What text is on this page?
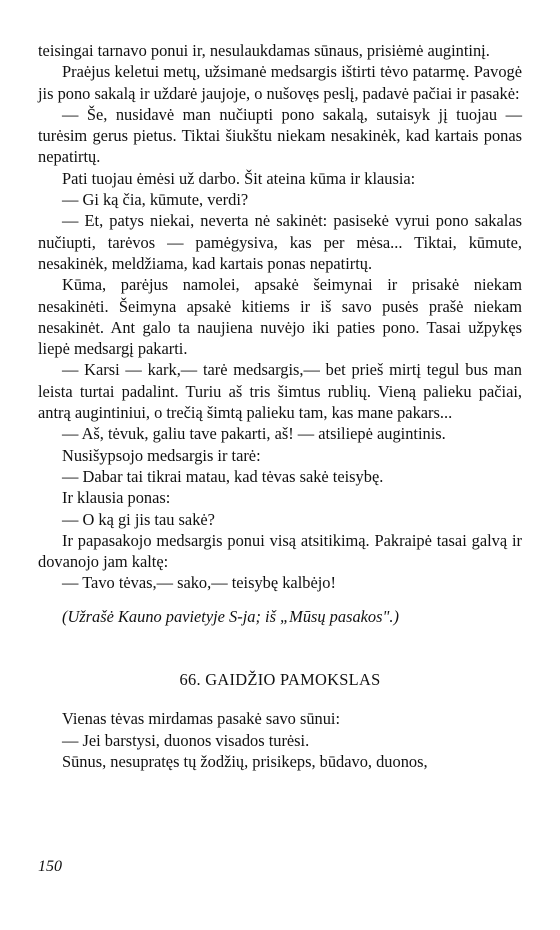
teisingai tarnavo ponui ir, nesulaukdamas sūnaus, prisiėmė augintinį.

Praėjus keletui metų, užsimanė medsargis ištirti tėvo patarmę. Pavogė jis pono sakalą ir uždarė jaujoje, o nušovęs peslį, padavė pačiai ir pasakė:

— Še, nusidavė man nučiupti pono sakalą, sutaisyk jį tuojau — turėsim gerus pietus. Tiktai šiukštu niekam nesakinėk, kad kartais ponas nepatirtų.

Pati tuojau ėmėsi už darbo. Šit ateina kūma ir klausia:

— Gi ką čia, kūmute, verdi?

— Et, patys niekai, neverta nė sakinėt: pasisekė vyrui pono sakalas nučiupti, tarėvos — pamėgysiva, kas per mėsa... Tiktai, kūmute, nesakinėk, meldžiama, kad kartais ponas nepatirtų.

Kūma, parėjus namolei, apsakė šeimynai ir prisakė niekam nesakinėti. Šeimyna apsakė kitiems ir iš savo pusės prašė niekam nesakinėt. Ant galo ta naujiena nuvėjo iki paties pono. Tasai užpykęs liepė medsargį pakarti.

— Karsi — kark,— tarė medsargis,— bet prieš mirtį tegul bus man leista turtai padalint. Turiu aš tris šimtus rublių. Vieną palieku pačiai, antrą augintiniui, o trečią šimtą palieku tam, kas mane pakars...

— Aš, tėvuk, galiu tave pakarti, aš! — atsiliepė augintinis.

Nusišypsojo medsargis ir tarė:

— Dabar tai tikrai matau, kad tėvas sakė teisybę.

Ir klausia ponas:

— O ką gi jis tau sakė?

Ir papasakojo medsargis ponui visą atsitikimą. Pakraipė tasai galvą ir dovanojo jam kaltę:

— Tavo tėvas,— sako,— teisybę kalbėjo!

(Užrašė Kauno pavietyje S-ja; iš „Mūsų pasakos".)

66. GAIDŽIO PAMOKSLAS

Vienas tėvas mirdamas pasakė savo sūnui:

— Jei barstysi, duonos visados turėsi.

Sūnus, nesupratęs tų žodžių, prisikeps, būdavo, duonos,

150
